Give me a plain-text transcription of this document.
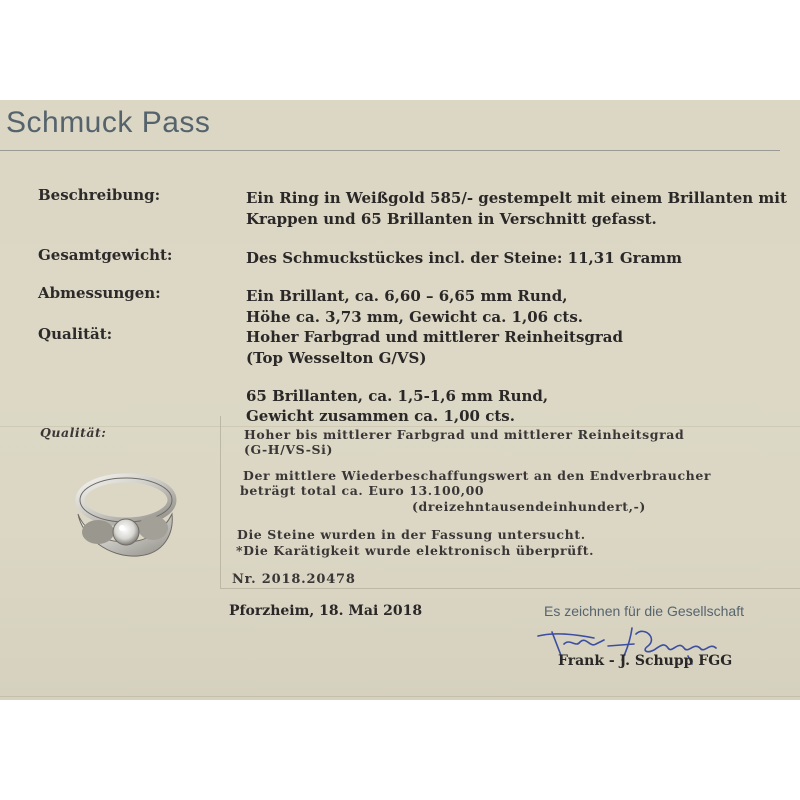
Schmuck Pass
Beschreibung:	Ein Ring in Weißgold 585/- gestempelt mit einem Brillanten mit
Krappen und 65 Brillanten in Verschnitt gefasst.
Gesamtgewicht:	Des Schmuckstückes incl. der Steine: 11,31 Gramm
Abmessungen:	Ein Brillant, ca. 6,60 – 6,65 mm Rund,
Höhe ca. 3,73 mm, Gewicht ca. 1,06 cts.
Qualität:	Hoher Farbgrad und mittlerer Reinheitsgrad
(Top Wesselton G/VS)
65 Brillanten, ca. 1,5-1,6 mm Rund,
Gewicht zusammen ca. 1,00 cts.
Qualität:	Hoher bis mittlerer Farbgrad und mittlerer Reinheitsgrad
(G-H/VS-Si)
Der mittlere Wiederbeschaffungswert an den Endverbraucher
beträgt total ca. Euro 13.100,00
(dreizehntausendeinhundert,-)
Die Steine wurden in der Fassung untersucht.
*Die Karätigkeit wurde elektronisch überprüft.
Nr. 2018.20478
Pforzheim, 18. Mai 2018	Es zeichnen für die Gesellschaft
Frank - J. Schupp FGG
